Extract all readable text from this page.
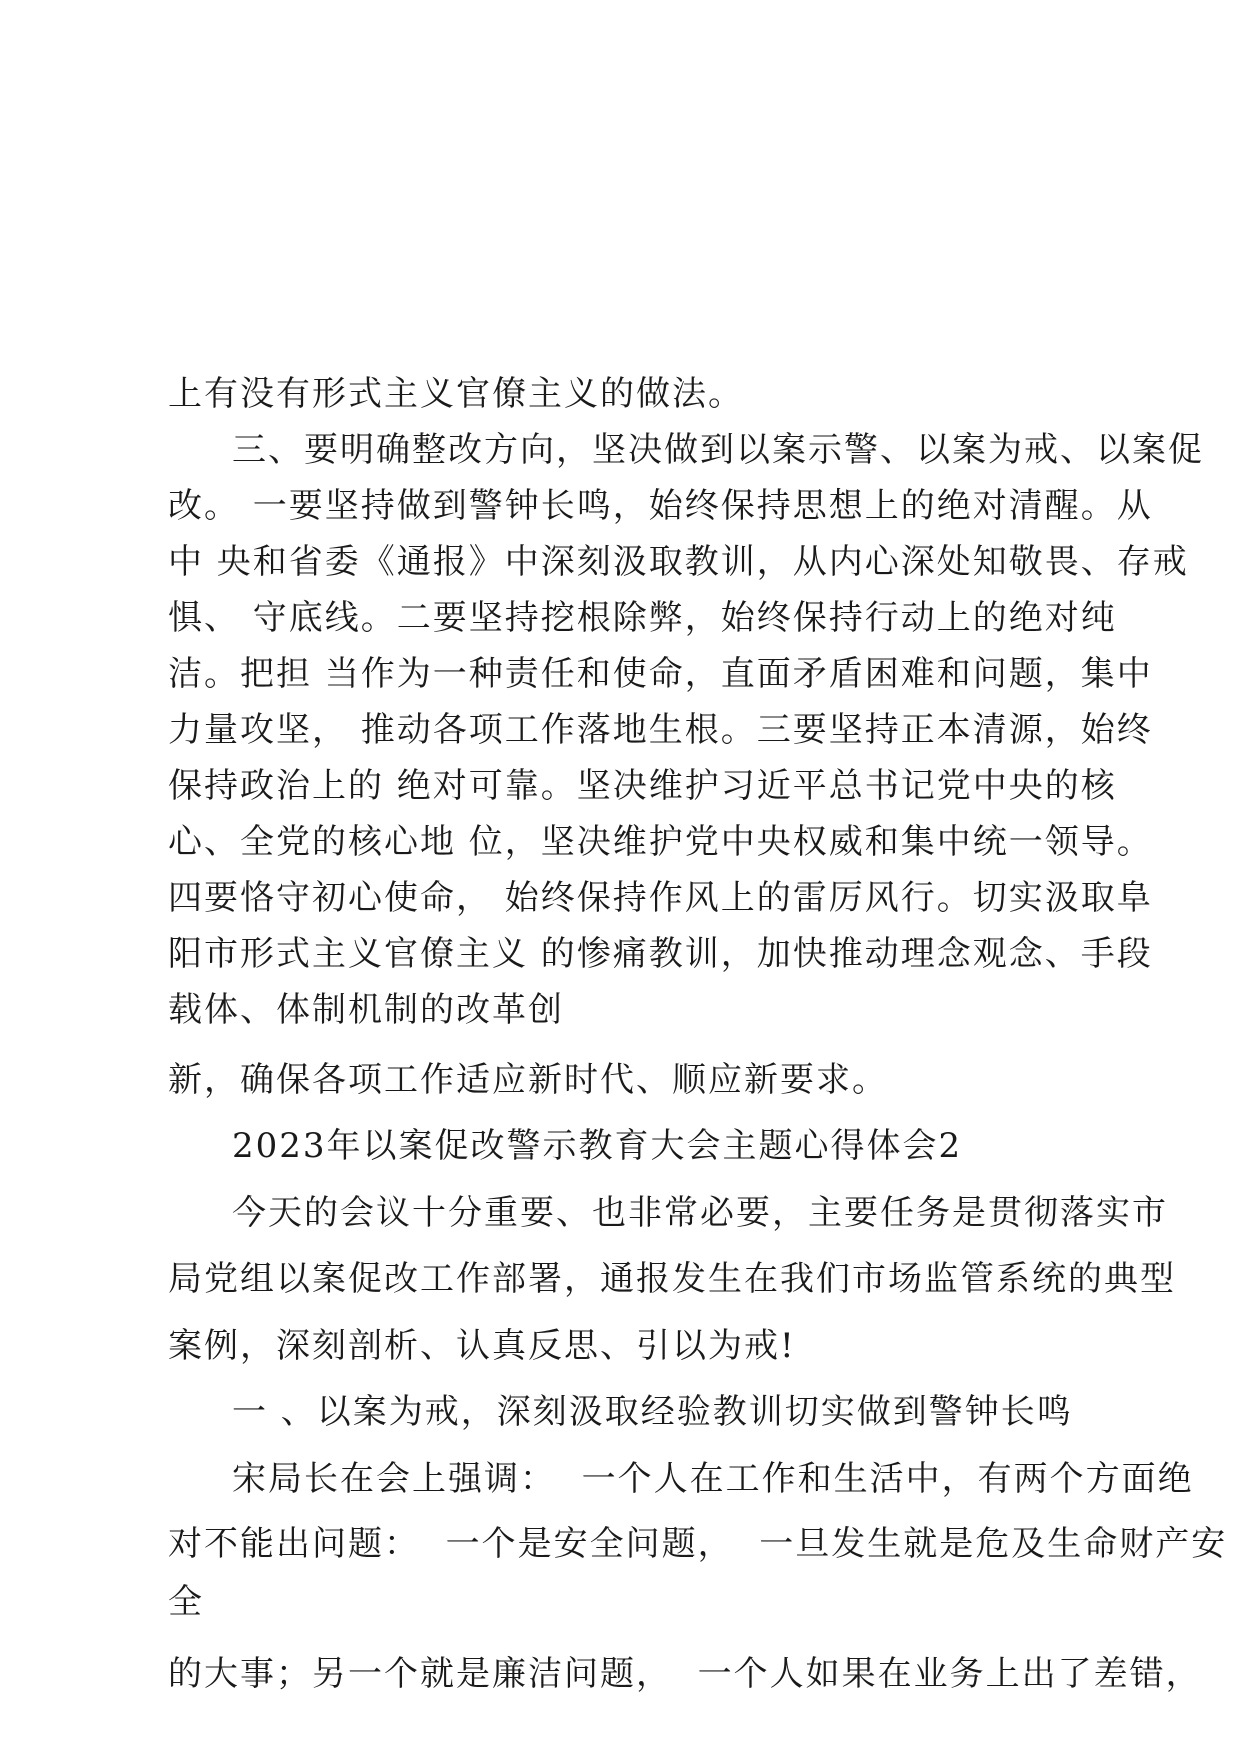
上有没有形式主义官僚主义的做法。
三、要明确整改方向，坚决做到以案示警、以案为戒、以案促
改。 一要坚持做到警钟长鸣，始终保持思想上的绝对清醒。从
中 央和省委《通报》中深刻汲取教训，从内心深处知敬畏、存戒
惧、 守底线。二要坚持挖根除弊，始终保持行动上的绝对纯
洁。把担 当作为一种责任和使命，直面矛盾困难和问题，集中
力量攻坚， 推动各项工作落地生根。三要坚持正本清源，始终
保持政治上的 绝对可靠。坚决维护习近平总书记党中央的核
心、全党的核心地 位，坚决维护党中央权威和集中统一领导。
四要恪守初心使命， 始终保持作风上的雷厉风行。切实汲取阜
阳市形式主义官僚主义 的惨痛教训，加快推动理念观念、手段
载体、体制机制的改革创
新，确保各项工作适应新时代、顺应新要求。
2023年以案促改警示教育大会主题心得体会2
今天的会议十分重要、也非常必要，主要任务是贯彻落实市
局党组以案促改工作部署，通报发生在我们市场监管系统的典型
案例，深刻剖析、认真反思、引以为戒!
一 、以案为戒，深刻汲取经验教训切实做到警钟长鸣
宋局长在会上强调：  一个人在工作和生活中，有两个方面绝
对不能出问题：  一个是安全问题，  一旦发生就是危及生命财产安
全
的大事；另一个就是廉洁问题，  一个人如果在业务上出了差错，
